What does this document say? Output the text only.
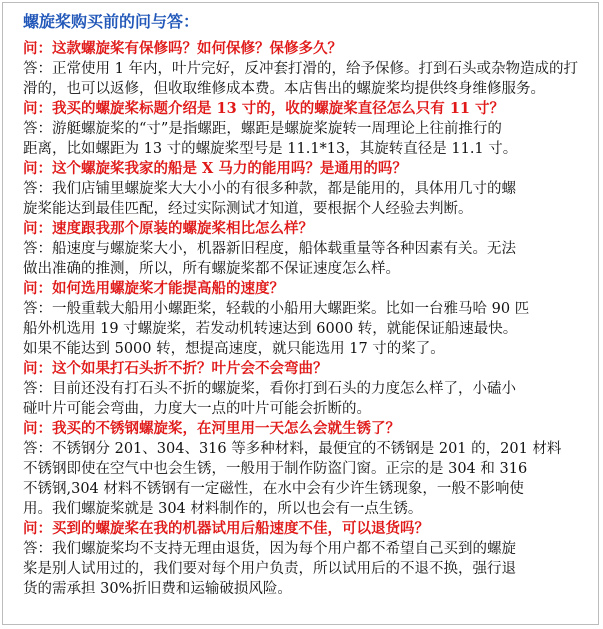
螺旋桨购买前的问与答：
问：这款螺旋桨有保修吗？如何保修？保修多久？
答：正常使用 1 年内，叶片完好，反冲套打滑的，给予保修。打到石头或杂物造成的打
滑的，也可以返修，但收取维修成本费。本店售出的螺旋桨均提供终身维修服务。
问：我买的螺旋桨标题介绍是 13 寸的，收的螺旋桨直径怎么只有 11 寸？
答：游艇螺旋桨的“寸”是指螺距，螺距是螺旋桨旋转一周理论上往前推行的
距离，比如螺距为 13 寸的螺旋桨型号是 11.1*13，其旋转直径是 11.1 寸。
问：这个螺旋桨我家的船是 X 马力的能用吗？是通用的吗？
答：我们店铺里螺旋桨大大小小的有很多种款，都是能用的，具体用几寸的螺
旋桨能达到最佳匹配，经过实际测试才知道，要根据个人经验去判断。
问：速度跟我那个原装的螺旋桨相比怎么样？
答：船速度与螺旋桨大小，机器新旧程度，船体载重量等各种因素有关。无法
做出准确的推测，所以，所有螺旋桨都不保证速度怎么样。
问：如何选用螺旋桨才能提高船的速度？
答：一般重载大船用小螺距桨，轻载的小船用大螺距桨。比如一台雅马哈 90 匹
船外机选用 19 寸螺旋桨，若发动机转速达到 6000 转，就能保证船速最快。
如果不能达到 5000 转，想提高速度，就只能选用 17 寸的桨了。
问：这个如果打石头折不折？叶片会不会弯曲？
答：目前还没有打石头不折的螺旋桨，看你打到石头的力度怎么样了，小磕小
碰叶片可能会弯曲，力度大一点的叶片可能会折断的。
问：我买的不锈钢螺旋桨，在河里用一天怎么会就生锈了？
答：不锈钢分 201、304、316 等多种材料，最便宜的不锈钢是 201 的，201 材料
不锈钢即使在空气中也会生锈，一般用于制作防盗门窗。正宗的是 304 和 316
不锈钢,304 材料不锈钢有一定磁性，在水中会有少许生锈现象，一般不影响使
用。我们螺旋桨就是 304 材料制作的，所以也会有一点生锈。
问：买到的螺旋桨在我的机器试用后船速度不佳，可以退货吗？
答：我们螺旋桨均不支持无理由退货，因为每个用户都不希望自己买到的螺旋
桨是别人试用过的，我们要对每个用户负责，所以试用后的不退不换，强行退
货的需承担 30%折旧费和运输破损风险。
